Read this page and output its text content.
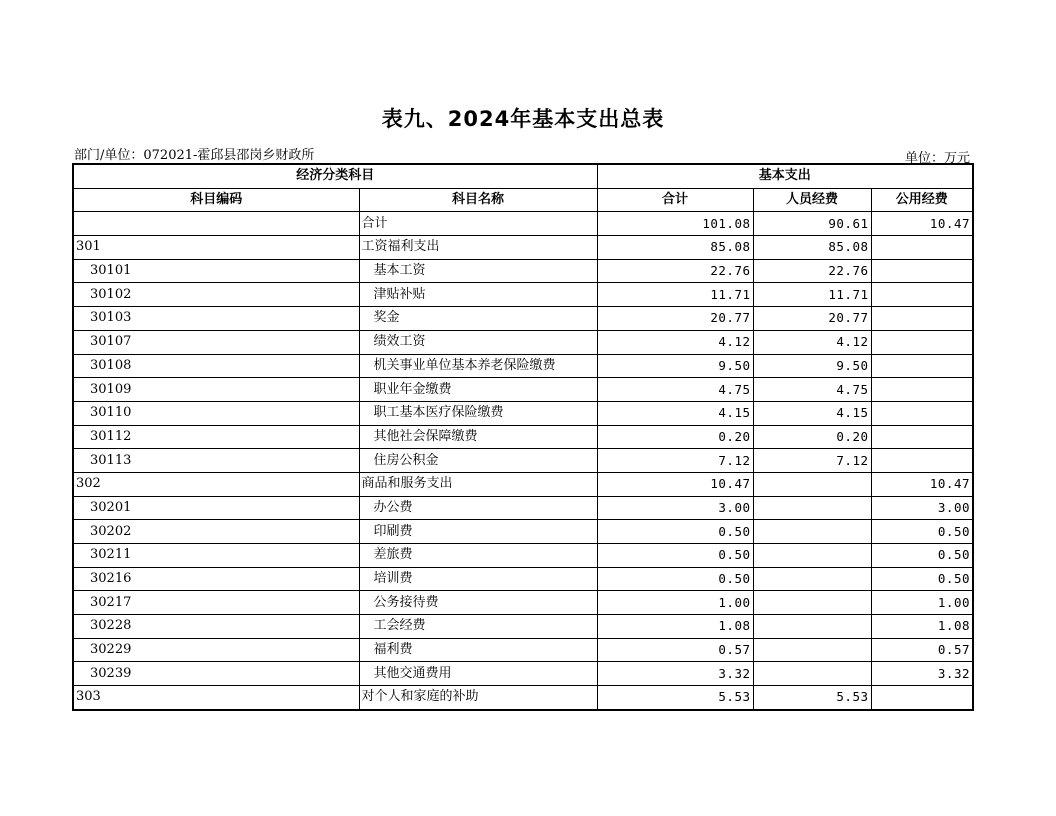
表九、2024年基本支出总表
部门/单位：072021-霍邱县邵岗乡财政所	单位：万元
经济分类科目		基本支出		
科目编码	科目名称	合计	人员经费	公用经费
	合计	101.08	90.61	10.47
301	工资福利支出	85.08	85.08	
30101	基本工资	22.76	22.76	
30102	津贴补贴	11.71	11.71	
30103	奖金	20.77	20.77	
30107	绩效工资	4.12	4.12	
30108	机关事业单位基本养老保险缴费	9.50	9.50	
30109	职业年金缴费	4.75	4.75	
30110	职工基本医疗保险缴费	4.15	4.15	
30112	其他社会保障缴费	0.20	0.20	
30113	住房公积金	7.12	7.12	
302	商品和服务支出	10.47		10.47
30201	办公费	3.00		3.00
30202	印刷费	0.50		0.50
30211	差旅费	0.50		0.50
30216	培训费	0.50		0.50
30217	公务接待费	1.00		1.00
30228	工会经费	1.08		1.08
30229	福利费	0.57		0.57
30239	其他交通费用	3.32		3.32
303	对个人和家庭的补助	5.53	5.53	
